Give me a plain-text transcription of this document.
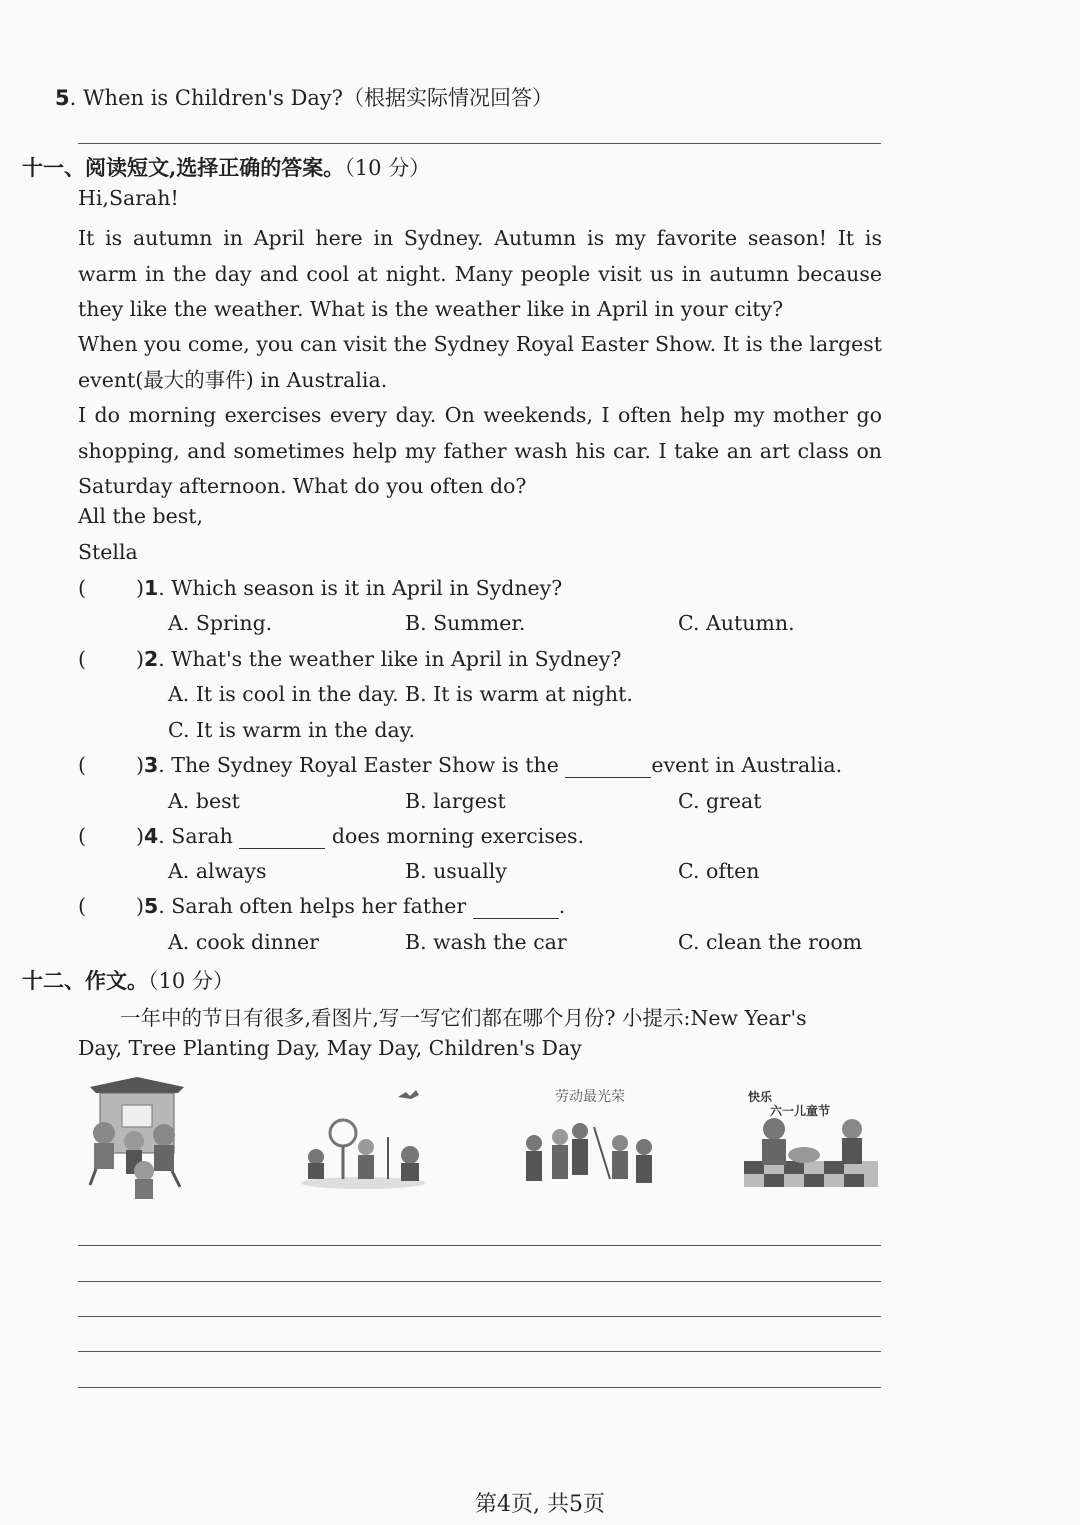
5. When is Children's Day?（根据实际情况回答）
十一、阅读短文,选择正确的答案。（10 分）
Hi,Sarah!
It is autumn in April here in Sydney. Autumn is my favorite season! It is warm in the day and cool at night. Many people visit us in autumn because they like the weather. What is the weather like in April in your city?
When you come, you can visit the Sydney Royal Easter Show. It is the largest event(最大的事件) in Australia.
I do morning exercises every day. On weekends, I often help my mother go shopping, and sometimes help my father wash his car. I take an art class on Saturday afternoon. What do you often do?
All the best,
Stella
( )1. Which season is it in April in Sydney?
A. Spring.	B. Summer.	C. Autumn.
( )2. What's the weather like in April in Sydney?
A. It is cool in the day. B. It is warm at night.
C. It is warm in the day.
( )3. The Sydney Royal Easter Show is the	event in Australia.
A. best	B. largest	C. great
( )4. Sarah	does morning exercises.
A. always	B. usually	C. often
( )5. Sarah often helps her father	.
A. cook dinner	B. wash the car	C. clean the room
十二、作文。（10 分）
一年中的节日有很多,看图片,写一写它们都在哪个月份? 小提示:New Year's
Day, Tree Planting Day, May Day, Children's Day
劳动最光荣	快乐
六一儿童节
第4页, 共5页
